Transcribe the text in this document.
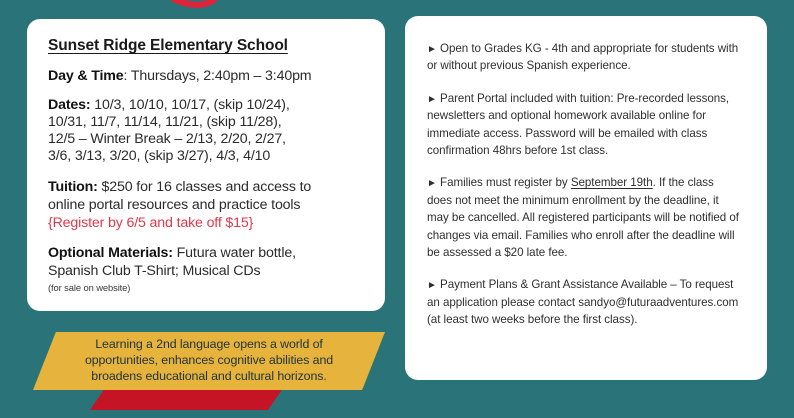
Sunset Ridge Elementary School
Day & Time: Thursdays, 2:40pm – 3:40pm
Dates: 10/3, 10/10, 10/17, (skip 10/24),
10/31, 11/7, 11/14, 11/21, (skip 11/28),
12/5 – Winter Break – 2/13, 2/20, 2/27,
3/6, 3/13, 3/20, (skip 3/27), 4/3, 4/10
Tuition: $250 for 16 classes and access to
online portal resources and practice tools
{Register by 6/5 and take off $15}
Optional Materials: Futura water bottle,
Spanish Club T-Shirt; Musical CDs
(for sale on website)

► Open to Grades KG - 4th and appropriate for students with or without previous Spanish experience.

► Parent Portal included with tuition: Pre-recorded lessons, newsletters and optional homework available online for immediate access. Password will be emailed with class confirmation 48hrs before 1st class.

► Families must register by September 19th. If the class does not meet the minimum enrollment by the deadline, it may be cancelled. All registered participants will be notified of changes via email. Families who enroll after the deadline will be assessed a $20 late fee.

► Payment Plans & Grant Assistance Available – To request an application please contact sandyo@futuraadventures.com (at least two weeks before the first class).

Learning a 2nd language opens a world of
opportunities, enhances cognitive abilities and
broadens educational and cultural horizons.
